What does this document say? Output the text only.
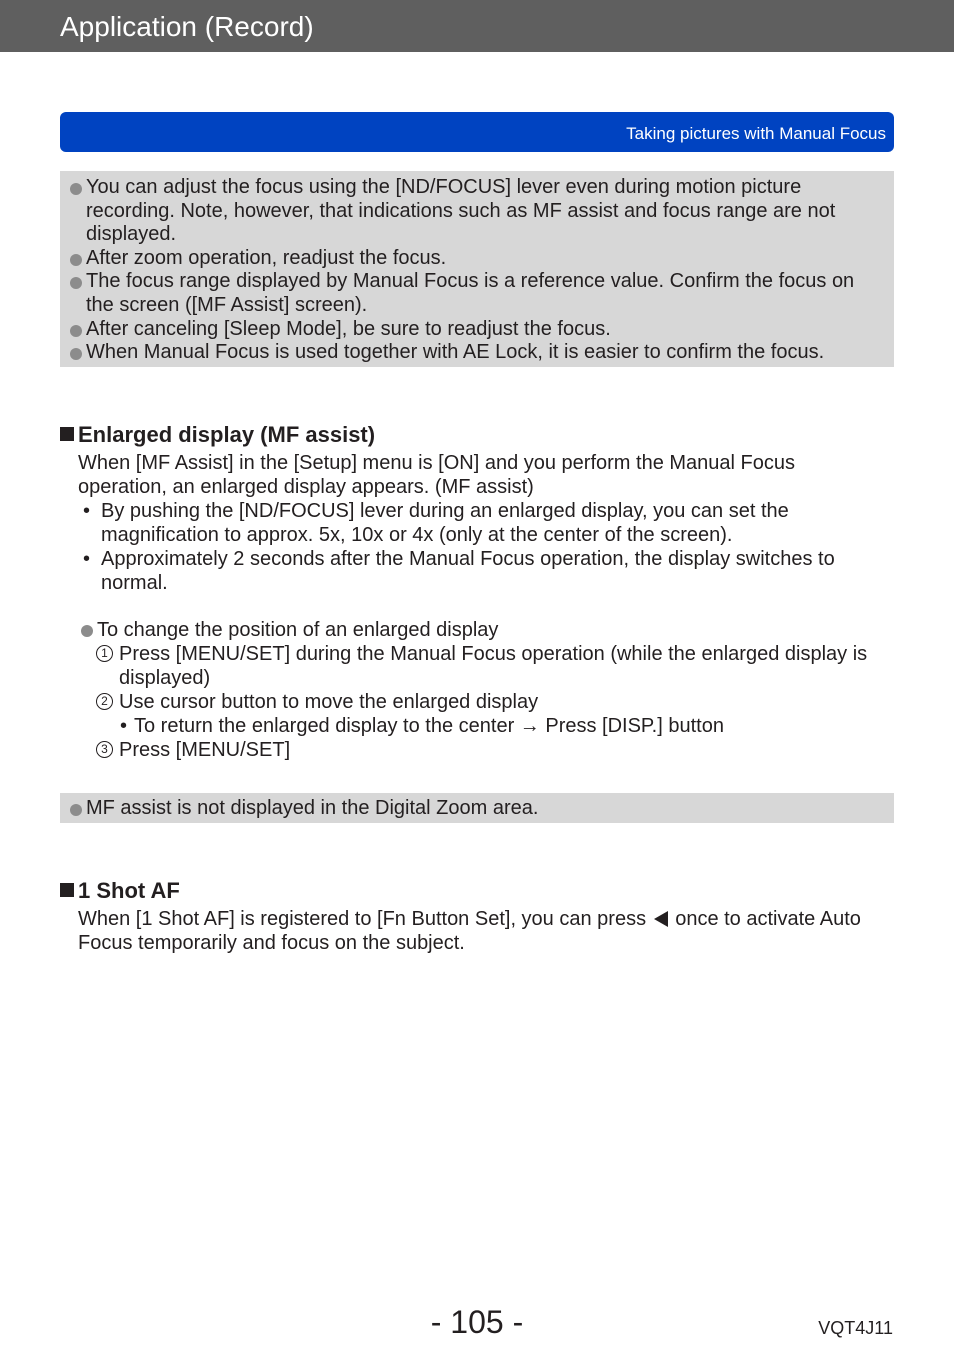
Application (Record)
Taking pictures with Manual Focus
You can adjust the focus using the [ND/FOCUS] lever even during motion picture recording. Note, however, that indications such as MF assist and focus range are not displayed.
After zoom operation, readjust the focus.
The focus range displayed by Manual Focus is a reference value. Confirm the focus on the screen ([MF Assist] screen).
After canceling [Sleep Mode], be sure to readjust the focus.
When Manual Focus is used together with AE Lock, it is easier to confirm the focus.
Enlarged display (MF assist)

When [MF Assist] in the [Setup] menu is [ON] and you perform the Manual Focus operation, an enlarged display appears. (MF assist)

• By pushing the [ND/FOCUS] lever during an enlarged display, you can set the magnification to approx. 5x, 10x or 4x (only at the center of the screen).
• Approximately 2 seconds after the Manual Focus operation, the display switches to normal.
To change the position of an enlarged display
1 Press [MENU/SET] during the Manual Focus operation (while the enlarged display is displayed)
2 Use cursor button to move the enlarged display
• To return the enlarged display to the center → Press [DISP.] button
3 Press [MENU/SET]
MF assist is not displayed in the Digital Zoom area.
1 Shot AF

When [1 Shot AF] is registered to [Fn Button Set], you can press once to activate Auto Focus temporarily and focus on the subject.

- 105 -	VQT4J11
